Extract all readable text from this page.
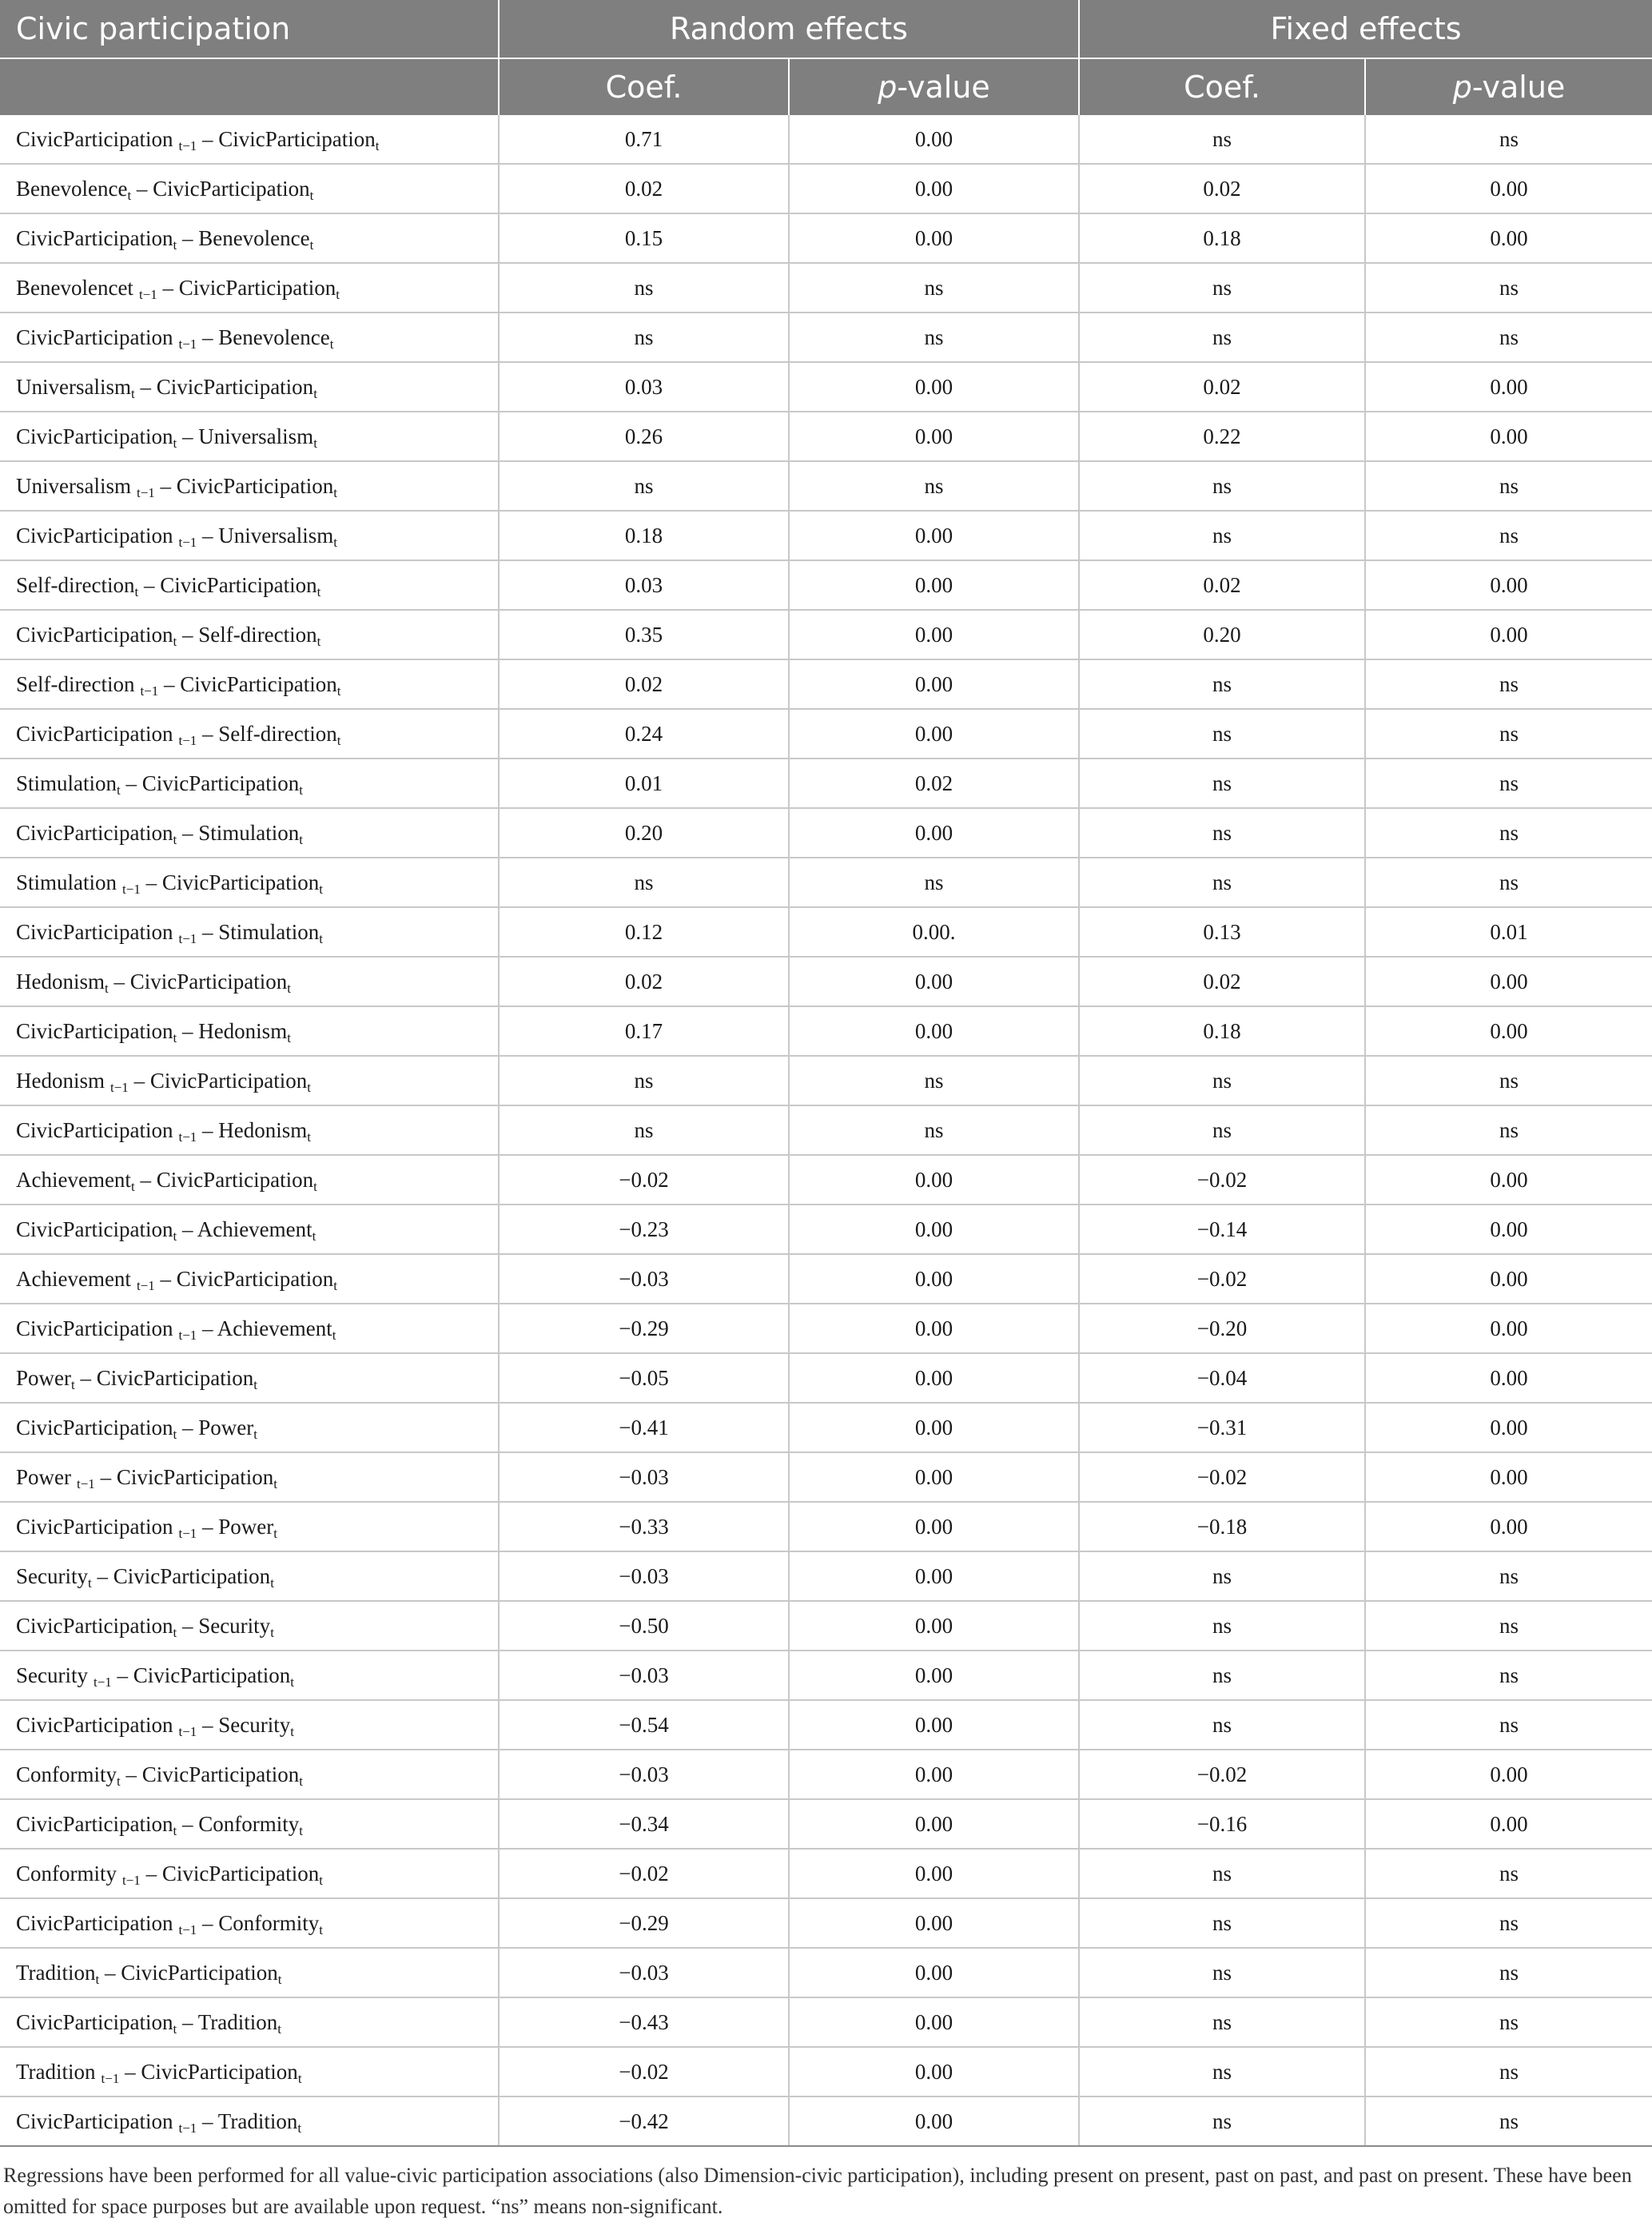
Civic participation	Random effects		Fixed effects	
	Coef.	p-value	Coef.	p-value
CivicParticipation $_{t-1}$ – CivicParticipation$_t$	0.71	0.00	ns	ns
Benevolence$_t$ – CivicParticipation$_t$	0.02	0.00	0.02	0.00
CivicParticipation$_t$ – Benevolence$_t$	0.15	0.00	0.18	0.00
Benevolencet $_{t-1}$ – CivicParticipation$_t$	ns	ns	ns	ns
CivicParticipation $_{t-1}$ – Benevolence$_t$	ns	ns	ns	ns
Universalism$_t$ – CivicParticipation$_t$	0.03	0.00	0.02	0.00
CivicParticipation$_t$ – Universalism$_t$	0.26	0.00	0.22	0.00
Universalism $_{t-1}$ – CivicParticipation$_t$	ns	ns	ns	ns
CivicParticipation $_{t-1}$ – Universalism$_t$	0.18	0.00	ns	ns
Self-direction$_t$ – CivicParticipation$_t$	0.03	0.00	0.02	0.00
CivicParticipation$_t$ – Self-direction$_t$	0.35	0.00	0.20	0.00
Self-direction $_{t-1}$ – CivicParticipation$_t$	0.02	0.00	ns	ns
CivicParticipation $_{t-1}$ – Self-direction$_t$	0.24	0.00	ns	ns
Stimulation$_t$ – CivicParticipation$_t$	0.01	0.02	ns	ns
CivicParticipation$_t$ – Stimulation$_t$	0.20	0.00	ns	ns
Stimulation $_{t-1}$ – CivicParticipation$_t$	ns	ns	ns	ns
CivicParticipation $_{t-1}$ – Stimulation$_t$	0.12	0.00.	0.13	0.01
Hedonism$_t$ – CivicParticipation$_t$	0.02	0.00	0.02	0.00
CivicParticipation$_t$ – Hedonism$_t$	0.17	0.00	0.18	0.00
Hedonism $_{t-1}$ – CivicParticipation$_t$	ns	ns	ns	ns
CivicParticipation $_{t-1}$ – Hedonism$_t$	ns	ns	ns	ns
Achievement$_t$ – CivicParticipation$_t$	−0.02	0.00	−0.02	0.00
CivicParticipation$_t$ – Achievement$_t$	−0.23	0.00	−0.14	0.00
Achievement $_{t-1}$ – CivicParticipation$_t$	−0.03	0.00	−0.02	0.00
CivicParticipation $_{t-1}$ – Achievement$_t$	−0.29	0.00	−0.20	0.00
Power$_t$ – CivicParticipation$_t$	−0.05	0.00	−0.04	0.00
CivicParticipation$_t$ – Power$_t$	−0.41	0.00	−0.31	0.00
Power $_{t-1}$ – CivicParticipation$_t$	−0.03	0.00	−0.02	0.00
CivicParticipation $_{t-1}$ – Power$_t$	−0.33	0.00	−0.18	0.00
Security$_t$ – CivicParticipation$_t$	−0.03	0.00	ns	ns
CivicParticipation$_t$ – Security$_t$	−0.50	0.00	ns	ns
Security $_{t-1}$ – CivicParticipation$_t$	−0.03	0.00	ns	ns
CivicParticipation $_{t-1}$ – Security$_t$	−0.54	0.00	ns	ns
Conformity$_t$ – CivicParticipation$_t$	−0.03	0.00	−0.02	0.00
CivicParticipation$_t$ – Conformity$_t$	−0.34	0.00	−0.16	0.00
Conformity $_{t-1}$ – CivicParticipation$_t$	−0.02	0.00	ns	ns
CivicParticipation $_{t-1}$ – Conformity$_t$	−0.29	0.00	ns	ns
Tradition$_t$ – CivicParticipation$_t$	−0.03	0.00	ns	ns
CivicParticipation$_t$ – Tradition$_t$	−0.43	0.00	ns	ns
Tradition $_{t-1}$ – CivicParticipation$_t$	−0.02	0.00	ns	ns
CivicParticipation $_{t-1}$ – Tradition$_t$	−0.42	0.00	ns	ns

Regressions have been performed for all value-civic participation associations (also Dimension-civic participation), including present on present, past on past, and past on present. These have been omitted for space purposes but are available upon request. “ns” means non-significant.
